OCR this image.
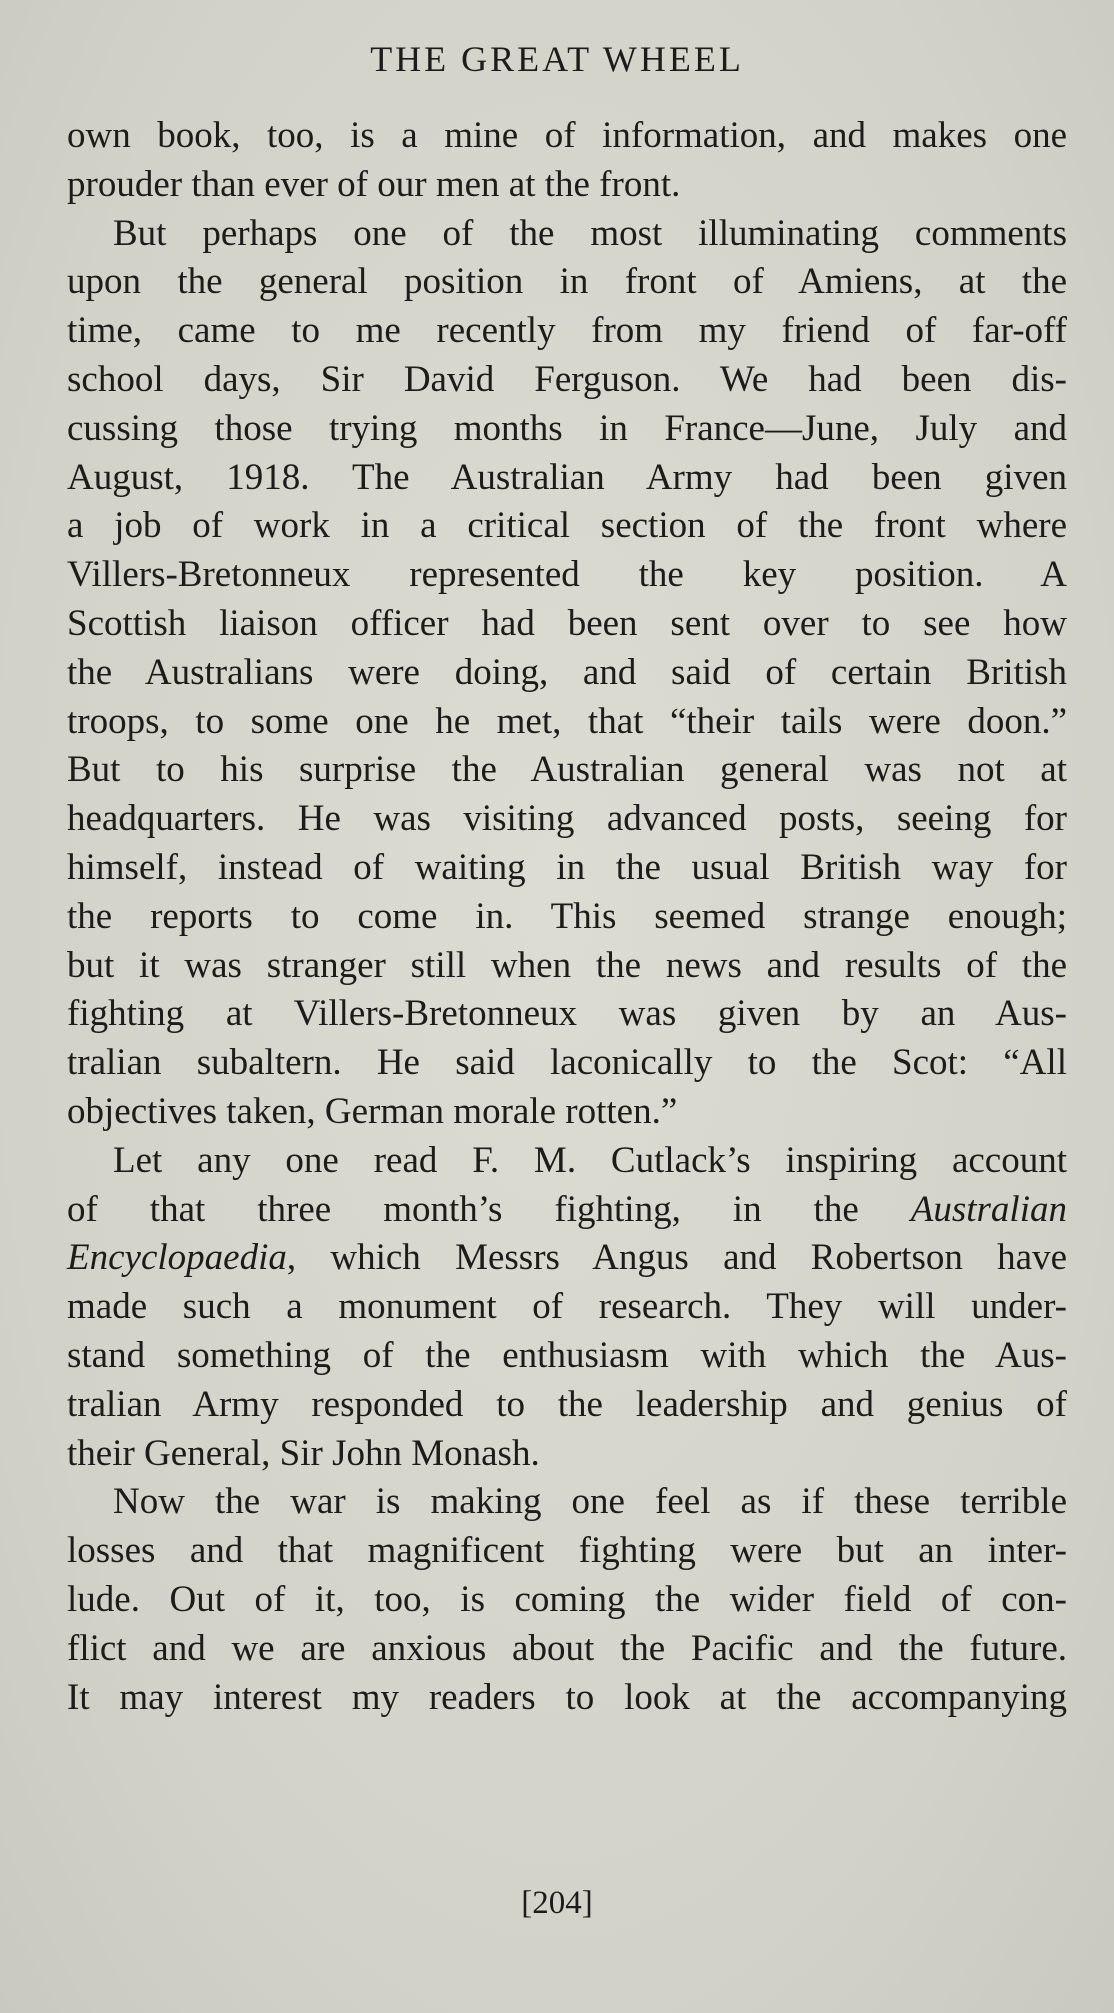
THE GREAT WHEEL
own book, too, is a mine of information, and makes one
prouder than ever of our men at the front.
But perhaps one of the most illuminating comments
upon the general position in front of Amiens, at the
time, came to me recently from my friend of far-off
school days, Sir David Ferguson. We had been dis-
cussing those trying months in France—June, July and
August, 1918. The Australian Army had been given
a job of work in a critical section of the front where
Villers-Bretonneux represented the key position. A
Scottish liaison officer had been sent over to see how
the Australians were doing, and said of certain British
troops, to some one he met, that “their tails were doon.”
But to his surprise the Australian general was not at
headquarters. He was visiting advanced posts, seeing for
himself, instead of waiting in the usual British way for
the reports to come in. This seemed strange enough;
but it was stranger still when the news and results of the
fighting at Villers-Bretonneux was given by an Aus-
tralian subaltern. He said laconically to the Scot: “All
objectives taken, German morale rotten.”
Let any one read F. M. Cutlack’s inspiring account
of that three month’s fighting, in the Australian
Encyclopaedia, which Messrs Angus and Robertson have
made such a monument of research. They will under-
stand something of the enthusiasm with which the Aus-
tralian Army responded to the leadership and genius of
their General, Sir John Monash.
Now the war is making one feel as if these terrible
losses and that magnificent fighting were but an inter-
lude. Out of it, too, is coming the wider field of con-
flict and we are anxious about the Pacific and the future.
It may interest my readers to look at the accompanying
[204]
